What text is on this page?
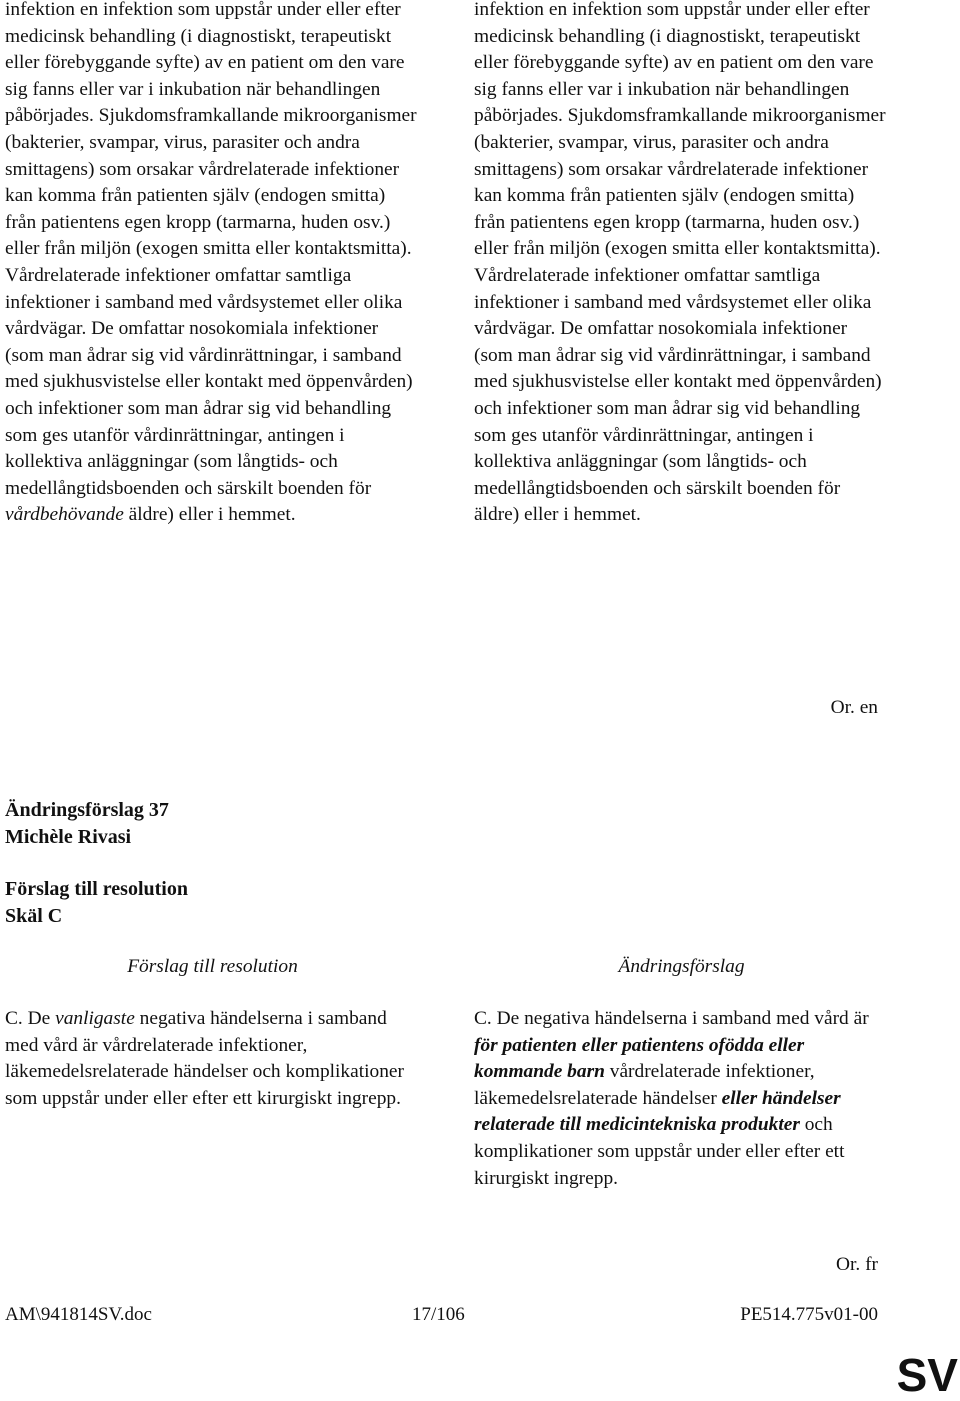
infektion en infektion som uppstår under eller efter medicinsk behandling (i diagnostiskt, terapeutiskt eller förebyggande syfte) av en patient om den vare sig fanns eller var i inkubation när behandlingen påbörjades. Sjukdomsframkallande mikroorganismer (bakterier, svampar, virus, parasiter och andra smittagens) som orsakar vårdrelaterade infektioner kan komma från patienten själv (endogen smitta) från patientens egen kropp (tarmarna, huden osv.) eller från miljön (exogen smitta eller kontaktsmitta). Vårdrelaterade infektioner omfattar samtliga infektioner i samband med vårdsystemet eller olika vårdvägar. De omfattar nosokomiala infektioner (som man ådrar sig vid vårdinrättningar, i samband med sjukhusvistelse eller kontakt med öppenvården) och infektioner som man ådrar sig vid behandling som ges utanför vårdinrättningar, antingen i kollektiva anläggningar (som långtids- och medellångtidsboenden och särskilt boenden för vårdbehövande äldre) eller i hemmet.

infektion en infektion som uppstår under eller efter medicinsk behandling (i diagnostiskt, terapeutiskt eller förebyggande syfte) av en patient om den vare sig fanns eller var i inkubation när behandlingen påbörjades. Sjukdomsframkallande mikroorganismer (bakterier, svampar, virus, parasiter och andra smittagens) som orsakar vårdrelaterade infektioner kan komma från patienten själv (endogen smitta) från patientens egen kropp (tarmarna, huden osv.) eller från miljön (exogen smitta eller kontaktsmitta). Vårdrelaterade infektioner omfattar samtliga infektioner i samband med vårdsystemet eller olika vårdvägar. De omfattar nosokomiala infektioner (som man ådrar sig vid vårdinrättningar, i samband med sjukhusvistelse eller kontakt med öppenvården) och infektioner som man ådrar sig vid behandling som ges utanför vårdinrättningar, antingen i kollektiva anläggningar (som långtids- och medellångtidsboenden och särskilt boenden för äldre) eller i hemmet.

Or. en

Ändringsförslag 37

Michèle Rivasi

Förslag till resolution

Skäl C

Förslag till resolution	Ändringsförslag

C. De vanligaste negativa händelserna i samband med vård är vårdrelaterade infektioner, läkemedelsrelaterade händelser och komplikationer som uppstår under eller efter ett kirurgiskt ingrepp.

C. De negativa händelserna i samband med vård är för patienten eller patientens ofödda eller kommande barn vårdrelaterade infektioner, läkemedelsrelaterade händelser eller händelser relaterade till medicintekniska produkter och komplikationer som uppstår under eller efter ett kirurgiskt ingrepp.

Or. fr
AM\941814SV.doc	17/106	PE514.775v01-00
SV
